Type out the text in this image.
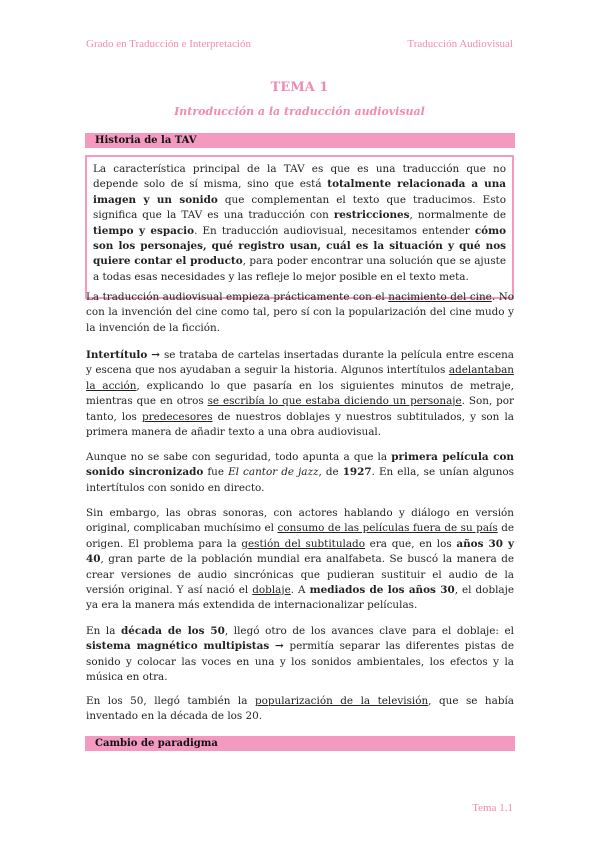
Grado en Traducción e Interpretación	Traducción Audiovisual
TEMA 1
Introducción a la traducción audiovisual
Historia de la TAV

La característica principal de la TAV es que es una traducción que no depende solo de sí misma, sino que está totalmente relacionada a una imagen y un sonido que complementan el texto que traducimos. Esto significa que la TAV es una traducción con restricciones, normalmente de tiempo y espacio. En traducción audiovisual, necesitamos entender cómo son los personajes, qué registro usan, cuál es la situación y qué nos quiere contar el producto, para poder encontrar una solución que se ajuste a todas esas necesidades y las refleje lo mejor posible en el texto meta.

La traducción audiovisual empieza prácticamente con el nacimiento del cine. No con la invención del cine como tal, pero sí con la popularización del cine mudo y la invención de la ficción.

Intertítulo → se trataba de cartelas insertadas durante la película entre escena y escena que nos ayudaban a seguir la historia. Algunos intertítulos adelantaban la acción, explicando lo que pasaría en los siguientes minutos de metraje, mientras que en otros se escribía lo que estaba diciendo un personaje. Son, por tanto, los predecesores de nuestros doblajes y nuestros subtitulados, y son la primera manera de añadir texto a una obra audiovisual.

Aunque no se sabe con seguridad, todo apunta a que la primera película con sonido sincronizado fue El cantor de jazz, de 1927. En ella, se unían algunos intertítulos con sonido en directo.

Sin embargo, las obras sonoras, con actores hablando y diálogo en versión original, complicaban muchísimo el consumo de las películas fuera de su país de origen. El problema para la gestión del subtitulado era que, en los años 30 y 40, gran parte de la población mundial era analfabeta. Se buscó la manera de crear versiones de audio sincrónicas que pudieran sustituir el audio de la versión original. Y así nació el doblaje. A mediados de los años 30, el doblaje ya era la manera más extendida de internacionalizar películas.

En la década de los 50, llegó otro de los avances clave para el doblaje: el sistema magnético multipistas → permitía separar las diferentes pistas de sonido y colocar las voces en una y los sonidos ambientales, los efectos y la música en otra.

En los 50, llegó también la popularización de la televisión, que se había inventado en la década de los 20.

Cambio de paradigma
Tema 1.1
